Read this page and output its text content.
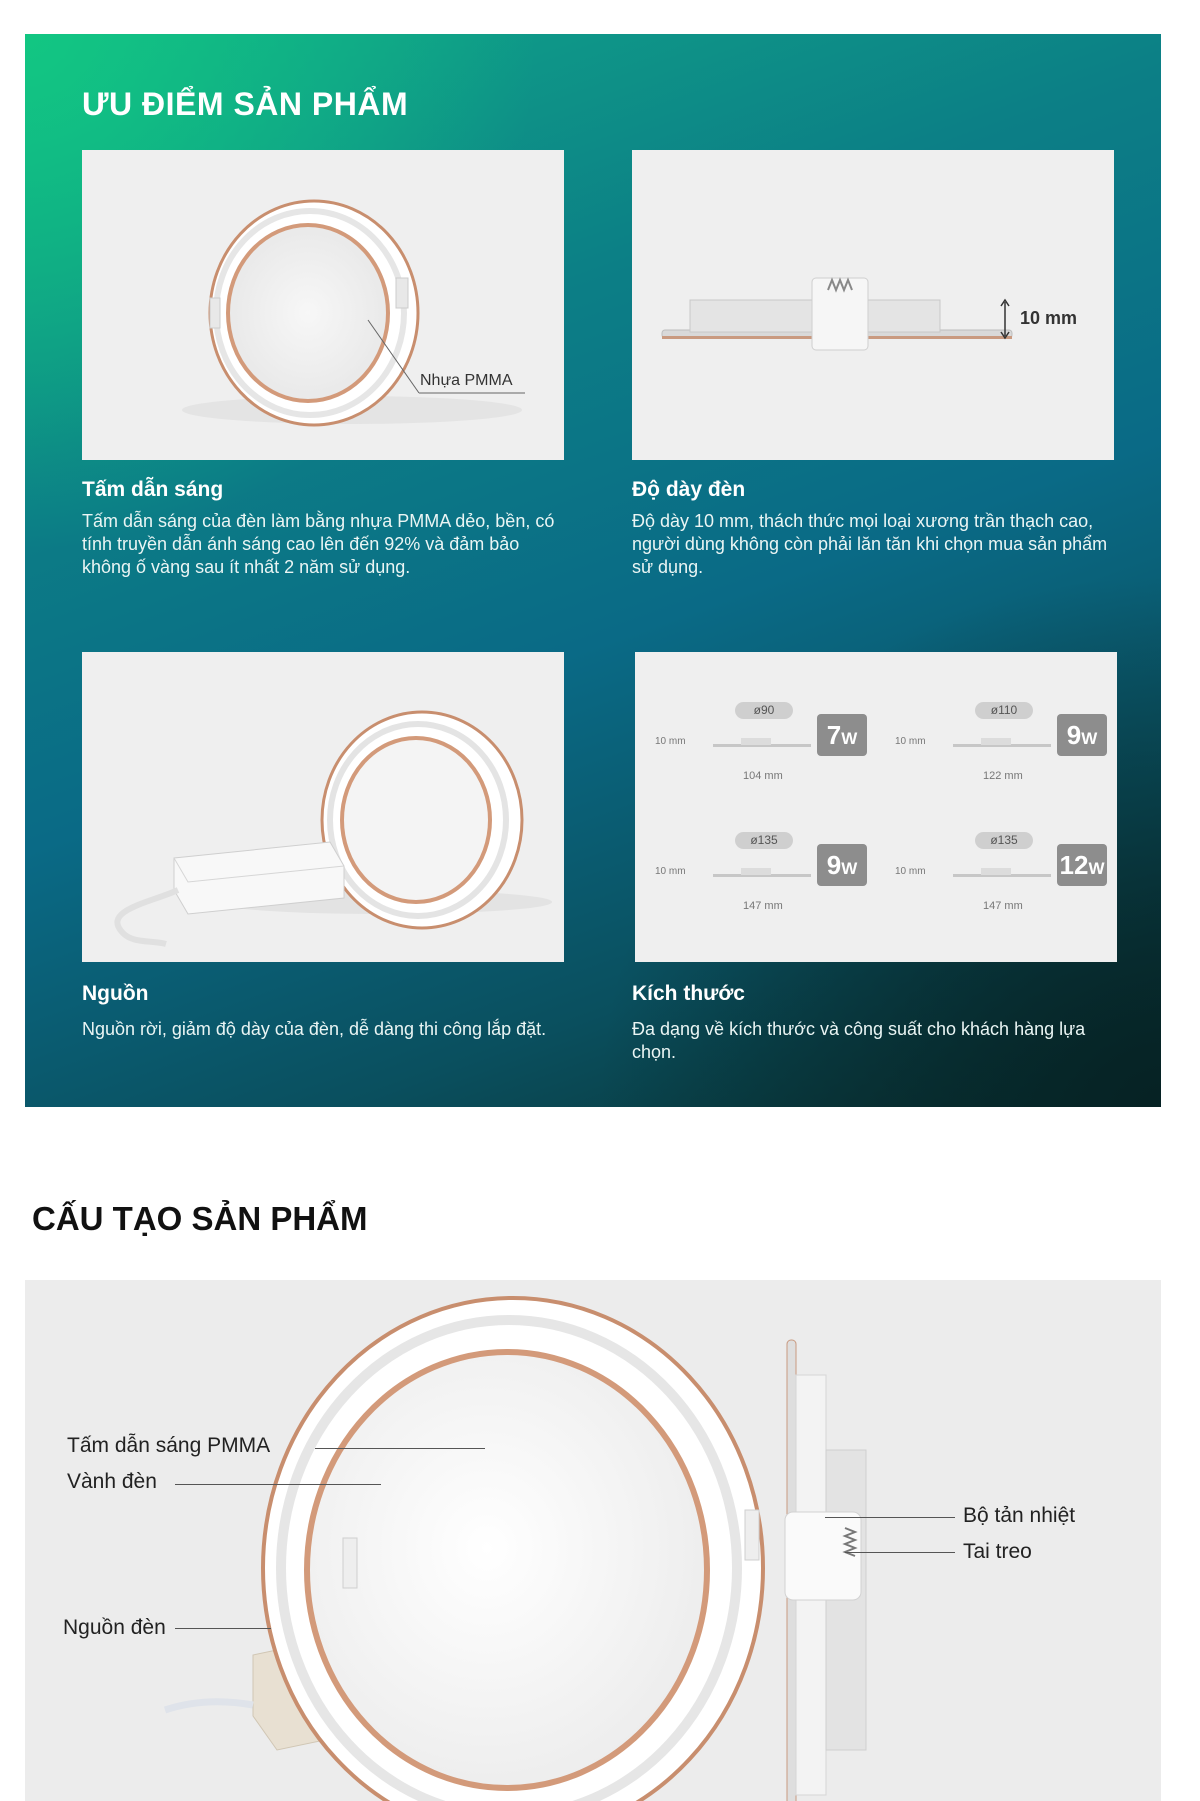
ƯU ĐIỂM SẢN PHẨM
Nhựa PMMA
Tấm dẫn sáng
Tấm dẫn sáng của đèn làm bằng nhựa PMMA dẻo, bền, có tính truyền dẫn ánh sáng cao lên đến 92% và đảm bảo không ố vàng sau ít nhất 2 năm sử dụng.
10 mm
Độ dày đèn
Độ dày 10 mm, thách thức mọi loại xương trần thạch cao, người dùng không còn phải lăn tăn khi chọn mua sản phẩm sử dụng.
Nguồn
Nguồn rời, giảm độ dày của đèn, dễ dàng thi công lắp đặt.
ø90
10 mm
104 mm
7W
ø110
10 mm
122 mm
9W
ø135
10 mm
147 mm
9W
ø135
10 mm
147 mm
12W
Kích thước
Đa dạng về kích thước và công suất cho khách hàng lựa chọn.
CẤU TẠO SẢN PHẨM
Tấm dẫn sáng PMMA
Vành đèn
Nguồn đèn
Bộ tản nhiệt
Tai treo
